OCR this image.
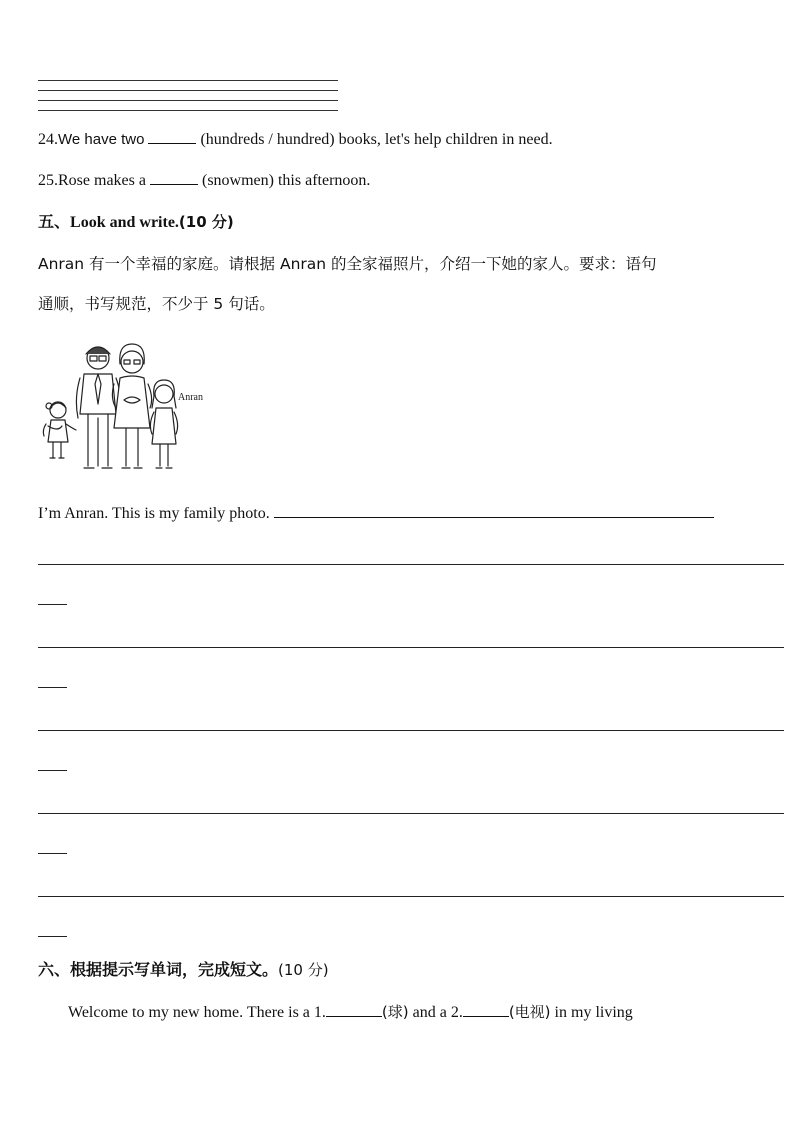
24.We have two	(hundreds / hundred) books, let's help children in need.
25.Rose makes a	(snowmen) this afternoon.
五、Look and write.(10 分)
Anran 有一个幸福的家庭。请根据 Anran 的全家福照片，介绍一下她的家人。要求：语句
通顺，书写规范，不少于 5 句话。
Anran
I’m Anran. This is my family photo.
六、根据提示写单词，完成短文。(10 分)
Welcome to my new home. There is a 1.	(球) and a 2.	(电视) in my living
